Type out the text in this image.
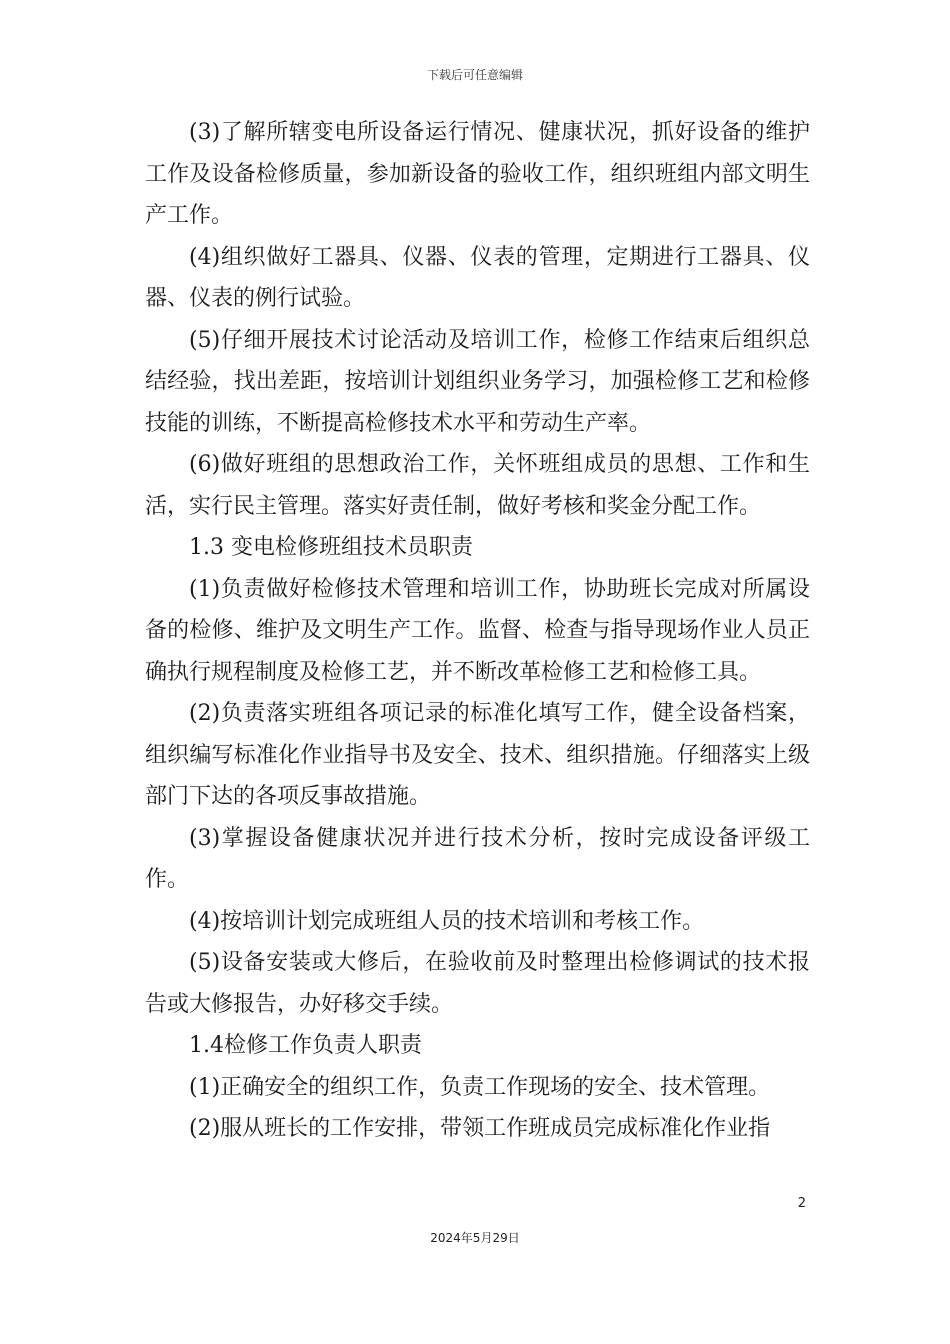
下载后可任意编辑

(3)了解所辖变电所设备运行情况、健康状况，抓好设备的维护工作及设备检修质量，参加新设备的验收工作，组织班组内部文明生产工作。

(4)组织做好工器具、仪器、仪表的管理，定期进行工器具、仪器、仪表的例行试验。

(5)仔细开展技术讨论活动及培训工作，检修工作结束后组织总结经验，找出差距，按培训计划组织业务学习，加强检修工艺和检修技能的训练，不断提高检修技术水平和劳动生产率。

(6)做好班组的思想政治工作，关怀班组成员的思想、工作和生活，实行民主管理。落实好责任制，做好考核和奖金分配工作。

1.3 变电检修班组技术员职责

(1)负责做好检修技术管理和培训工作，协助班长完成对所属设备的检修、维护及文明生产工作。监督、检查与指导现场作业人员正确执行规程制度及检修工艺，并不断改革检修工艺和检修工具。

(2)负责落实班组各项记录的标准化填写工作，健全设备档案，组织编写标准化作业指导书及安全、技术、组织措施。仔细落实上级部门下达的各项反事故措施。

(3)掌握设备健康状况并进行技术分析，按时完成设备评级工作。

(4)按培训计划完成班组人员的技术培训和考核工作。

(5)设备安装或大修后，在验收前及时整理出检修调试的技术报告或大修报告，办好移交手续。

1.4检修工作负责人职责

(1)正确安全的组织工作，负责工作现场的安全、技术管理。

(2)服从班长的工作安排，带领工作班成员完成标准化作业指

2
2024年5月29日
